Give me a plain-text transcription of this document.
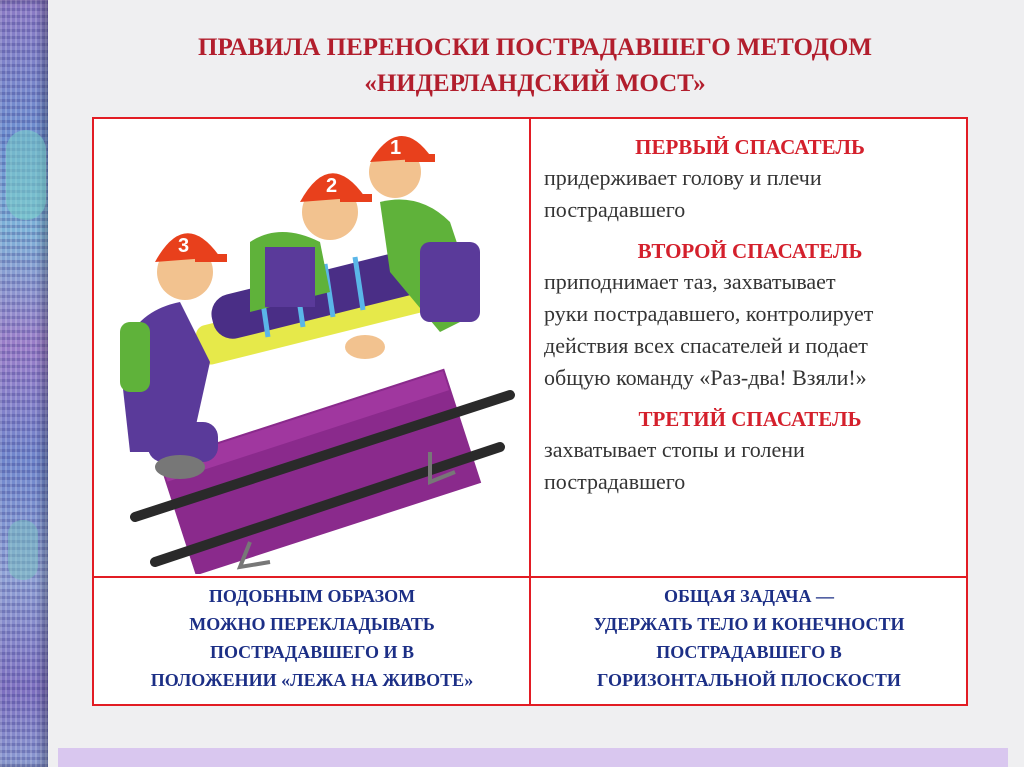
ПРАВИЛА ПЕРЕНОСКИ ПОСТРАДАВШЕГО МЕТОДОМ
«НИДЕРЛАНДСКИЙ МОСТ»
3
2
1	ПЕРВЫЙ СПАСАТЕЛЬ

придерживает голову и плечи
пострадавшего

ВТОРОЙ СПАСАТЕЛЬ

приподнимает таз, захватывает
руки пострадавшего, контролирует
действия всех спасателей и подает
общую команду «Раз-два! Взяли!»

ТРЕТИЙ СПАСАТЕЛЬ

захватывает стопы и голени
пострадавшего

ПОДОБНЫМ ОБРАЗОМ
МОЖНО ПЕРЕКЛАДЫВАТЬ
ПОСТРАДАВШЕГО И В
ПОЛОЖЕНИИ «ЛЕЖА НА ЖИВОТЕ»
ОБЩАЯ ЗАДАЧА —
УДЕРЖАТЬ ТЕЛО И КОНЕЧНОСТИ
ПОСТРАДАВШЕГО В
ГОРИЗОНТАЛЬНОЙ ПЛОСКОСТИ
